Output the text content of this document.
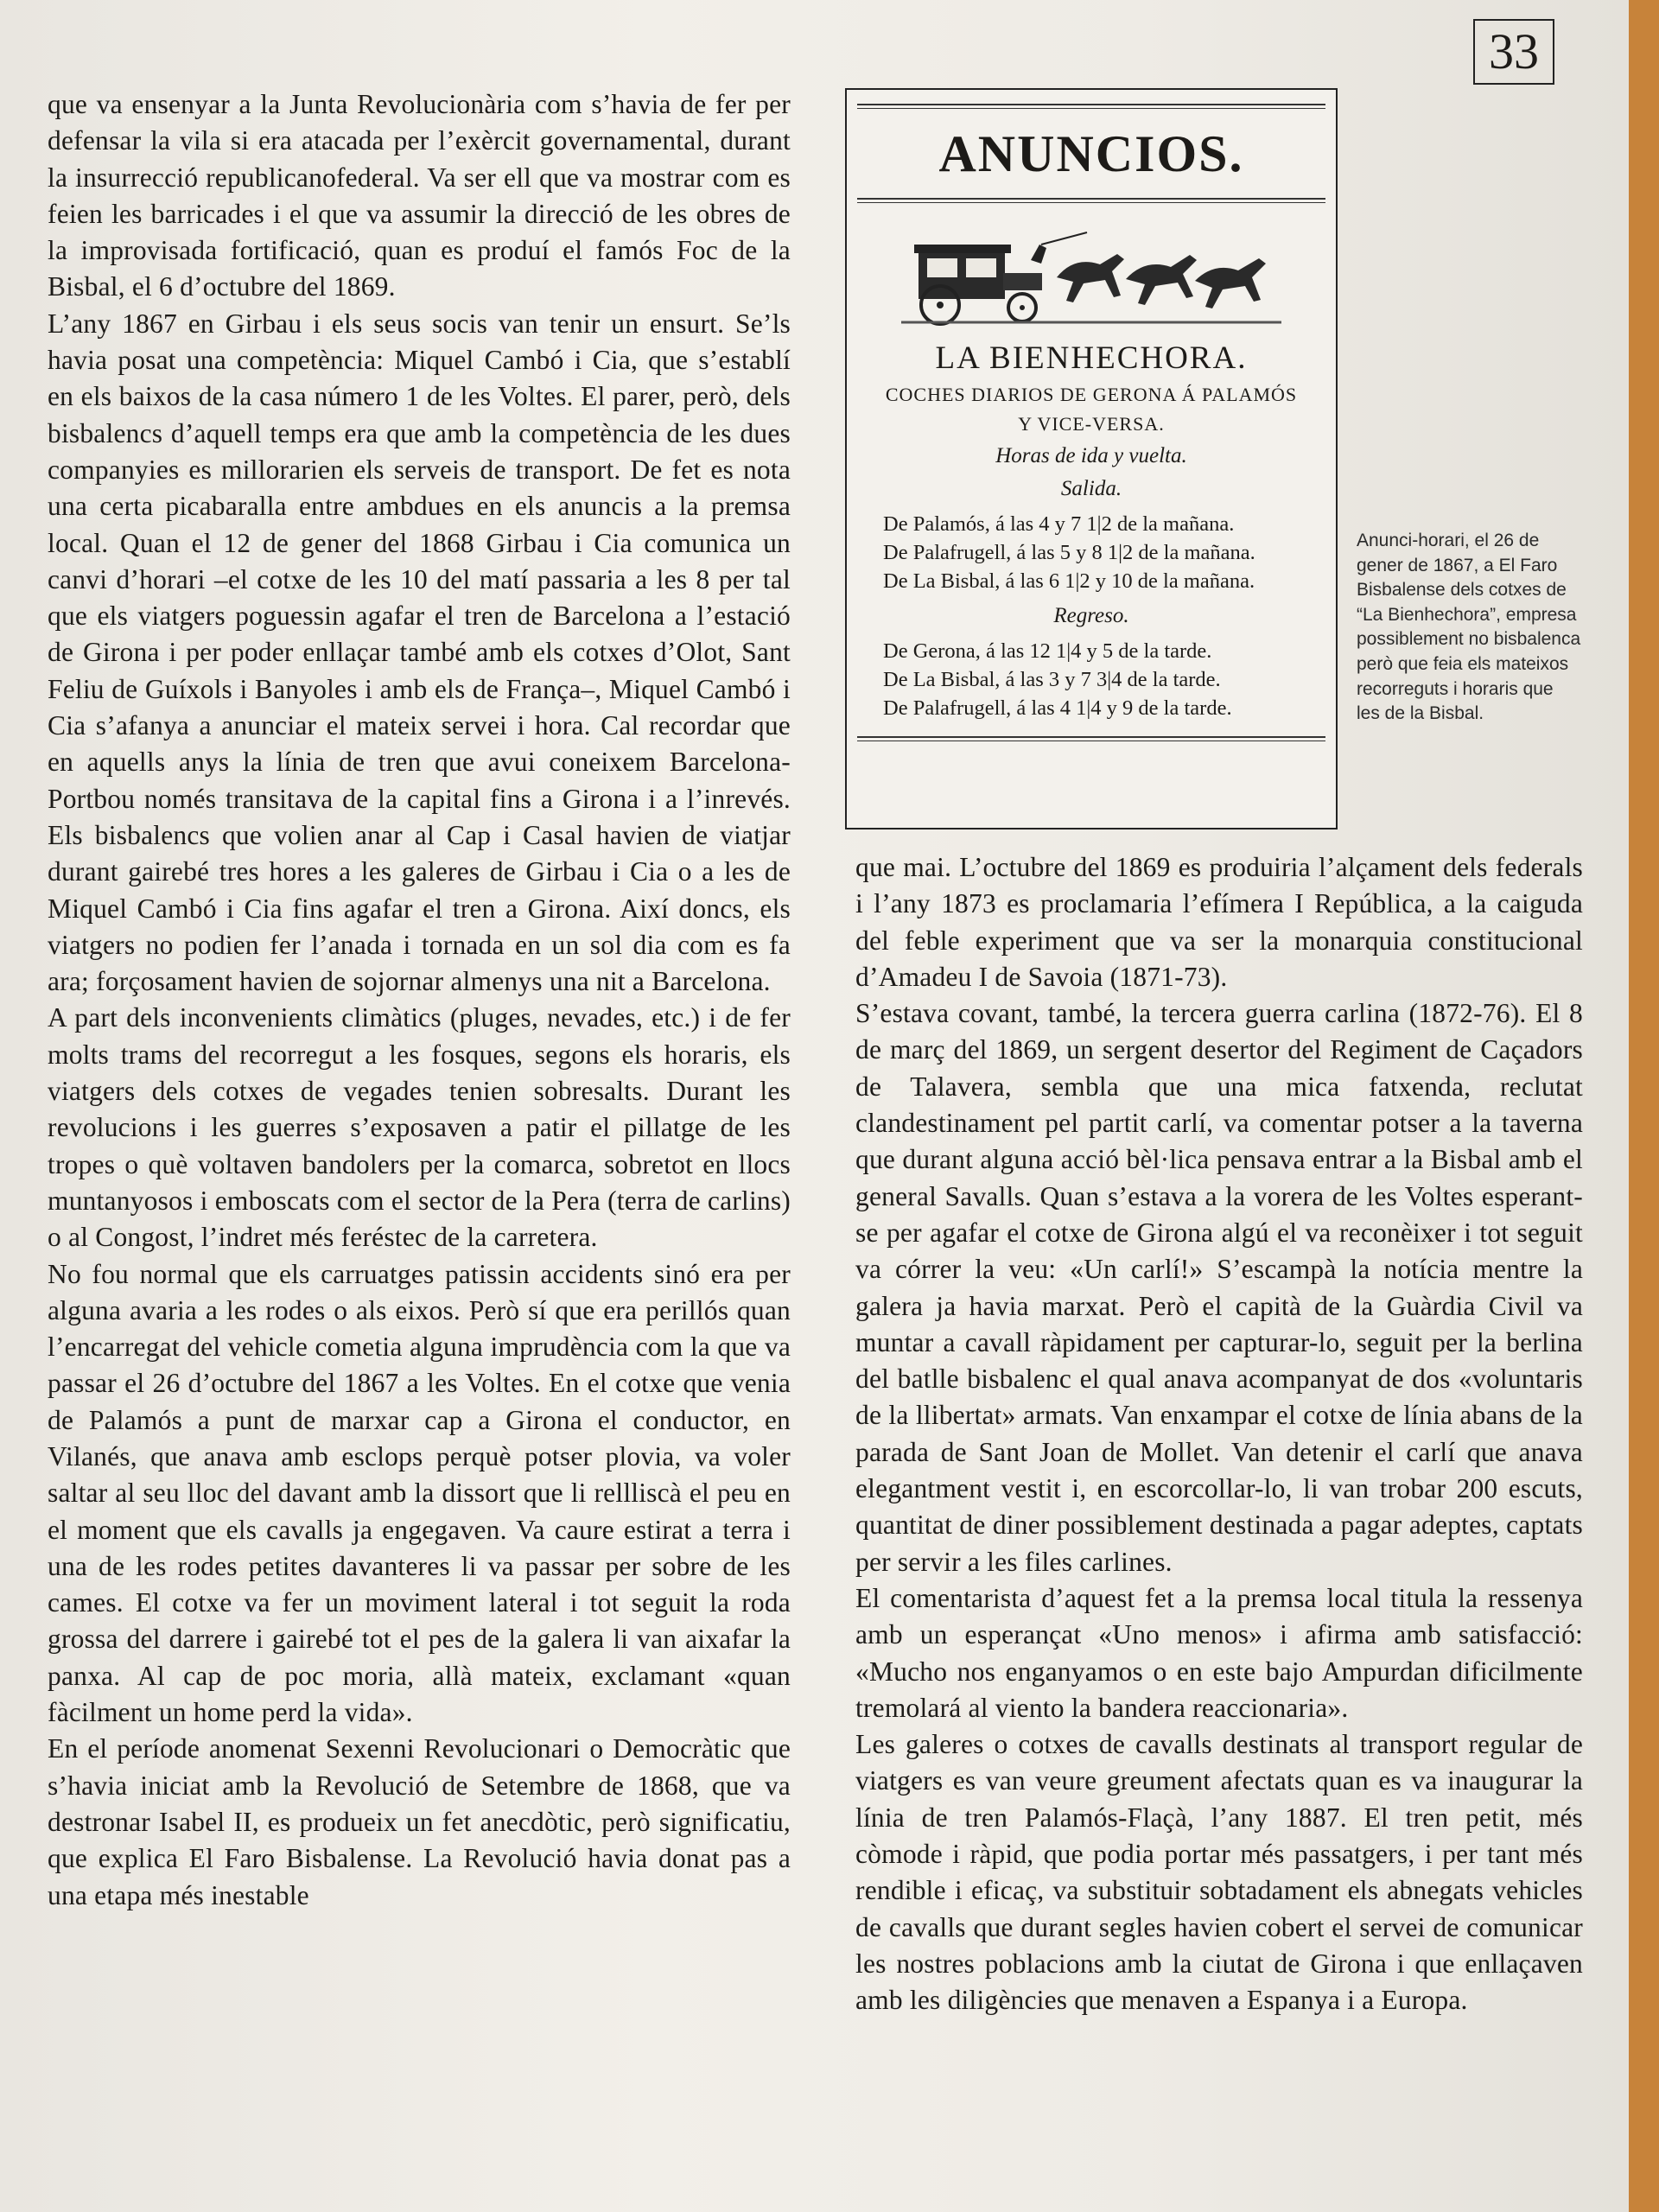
33

que va ensenyar a la Junta Revolucionària com s’havia de fer per defensar la vila si era atacada per l’exèrcit governamental, durant la insurrecció republicanofederal. Va ser ell que va mostrar com es feien les barricades i el que va assumir la direcció de les obres de la improvisada fortificació, quan es produí el famós Foc de la Bisbal, el 6 d’octubre del 1869.

L’any 1867 en Girbau i els seus socis van tenir un ensurt. Se’ls havia posat una competència: Miquel Cambó i Cia, que s’establí en els baixos de la casa número 1 de les Voltes. El parer, però, dels bisbalencs d’aquell temps era que amb la competència de les dues companyies es millorarien els serveis de transport. De fet es nota una certa picabaralla entre ambdues en els anuncis a la premsa local. Quan el 12 de gener del 1868 Girbau i Cia comunica un canvi d’horari –el cotxe de les 10 del matí passaria a les 8 per tal que els viatgers poguessin agafar el tren de Barcelona a l’estació de Girona i per poder enllaçar també amb els cotxes d’Olot, Sant Feliu de Guíxols i Banyoles i amb els de França–, Miquel Cambó i Cia s’afanya a anunciar el mateix servei i hora. Cal recordar que en aquells anys la línia de tren que avui coneixem Barcelona-Portbou només transitava de la capital fins a Girona i a l’inrevés. Els bisbalencs que volien anar al Cap i Casal havien de viatjar durant gairebé tres hores a les galeres de Girbau i Cia o a les de Miquel Cambó i Cia fins agafar el tren a Girona. Així doncs, els viatgers no podien fer l’anada i tornada en un sol dia com es fa ara; forçosament havien de sojornar almenys una nit a Barcelona.

A part dels inconvenients climàtics (pluges, nevades, etc.) i de fer molts trams del recorregut a les fosques, segons els horaris, els viatgers dels cotxes de vegades tenien sobresalts. Durant les revolucions i les guerres s’exposaven a patir el pillatge de les tropes o què voltaven bandolers per la comarca, sobretot en llocs muntanyosos i emboscats com el sector de la Pera (terra de carlins) o al Congost, l’indret més feréstec de la carretera.

No fou normal que els carruatges patissin accidents sinó era per alguna avaria a les rodes o als eixos. Però sí que era perillós quan l’encarregat del vehicle cometia alguna imprudència com la que va passar el 26 d’octubre del 1867 a les Voltes. En el cotxe que venia de Palamós a punt de marxar cap a Girona el conductor, en Vilanés, que anava amb esclops perquè potser plovia, va voler saltar al seu lloc del davant amb la dissort que li rellliscà el peu en el moment que els cavalls ja engegaven. Va caure estirat a terra i una de les rodes petites davanteres li va passar per sobre de les cames. El cotxe va fer un moviment lateral i tot seguit la roda grossa del darrere i gairebé tot el pes de la galera li van aixafar la panxa. Al cap de poc moria, allà mateix, exclamant «quan fàcilment un home perd la vida».

En el període anomenat Sexenni Revolucionari o Democràtic que s’havia iniciat amb la Revolució de Setembre de 1868, que va destronar Isabel II, es produeix un fet anecdòtic, però significatiu, que explica El Faro Bisbalense. La Revolució havia donat pas a una etapa més inestable

ANUNCIOS.
LA BIENHECHORA.
COCHES DIARIOS DE GERONA Á PALAMÓS
Y VICE-VERSA.
Horas de ida y vuelta.
Salida.

De Palamós, á las 4 y 7 1|2 de la mañana.

De Palafrugell, á las 5 y 8 1|2 de la mañana.

De La Bisbal, á las 6 1|2 y 10 de la mañana.

Regreso.

De Gerona, á las 12 1|4 y 5 de la tarde.

De La Bisbal, á las 3 y 7 3|4 de la tarde.

De Palafrugell, á las 4 1|4 y 9 de la tarde.

Anunci-horari, el 26 de gener de 1867, a El Faro Bisbalense dels cotxes de “La Bienhechora”, empresa possiblement no bisbalenca però que feia els mateixos recorreguts i horaris que les de la Bisbal.

que mai. L’octubre del 1869 es produiria l’alçament dels federals i l’any 1873 es proclamaria l’efímera I República, a la caiguda del feble experiment que va ser la monarquia constitucional d’Amadeu I de Savoia (1871-73).

S’estava covant, també, la tercera guerra carlina (1872-76). El 8 de març del 1869, un sergent desertor del Regiment de Caçadors de Talavera, sembla que una mica fatxenda, reclutat clandestinament pel partit carlí, va comentar potser a la taverna que durant alguna acció bèl·lica pensava entrar a la Bisbal amb el general Savalls. Quan s’estava a la vorera de les Voltes esperant-se per agafar el cotxe de Girona algú el va reconèixer i tot seguit va córrer la veu: «Un carlí!» S’escampà la notícia mentre la galera ja havia marxat. Però el capità de la Guàrdia Civil va muntar a cavall ràpidament per capturar-lo, seguit per la berlina del batlle bisbalenc el qual anava acompanyat de dos «voluntaris de la llibertat» armats. Van enxampar el cotxe de línia abans de la parada de Sant Joan de Mollet. Van detenir el carlí que anava elegantment vestit i, en escorcollar-lo, li van trobar 200 escuts, quantitat de diner possiblement destinada a pagar adeptes, captats per servir a les files carlines.

El comentarista d’aquest fet a la premsa local titula la ressenya amb un esperançat «Uno menos» i afirma amb satisfacció: «Mucho nos enganyamos o en este bajo Ampurdan dificilmente tremolará al viento la bandera reaccionaria».

Les galeres o cotxes de cavalls destinats al transport regular de viatgers es van veure greument afectats quan es va inaugurar la línia de tren Palamós-Flaçà, l’any 1887. El tren petit, més còmode i ràpid, que podia portar més passatgers, i per tant més rendible i eficaç, va substituir sobtadament els abnegats vehicles de cavalls que durant segles havien cobert el servei de comunicar les nostres poblacions amb la ciutat de Girona i que enllaçaven amb les diligències que menaven a Espanya i a Europa.
